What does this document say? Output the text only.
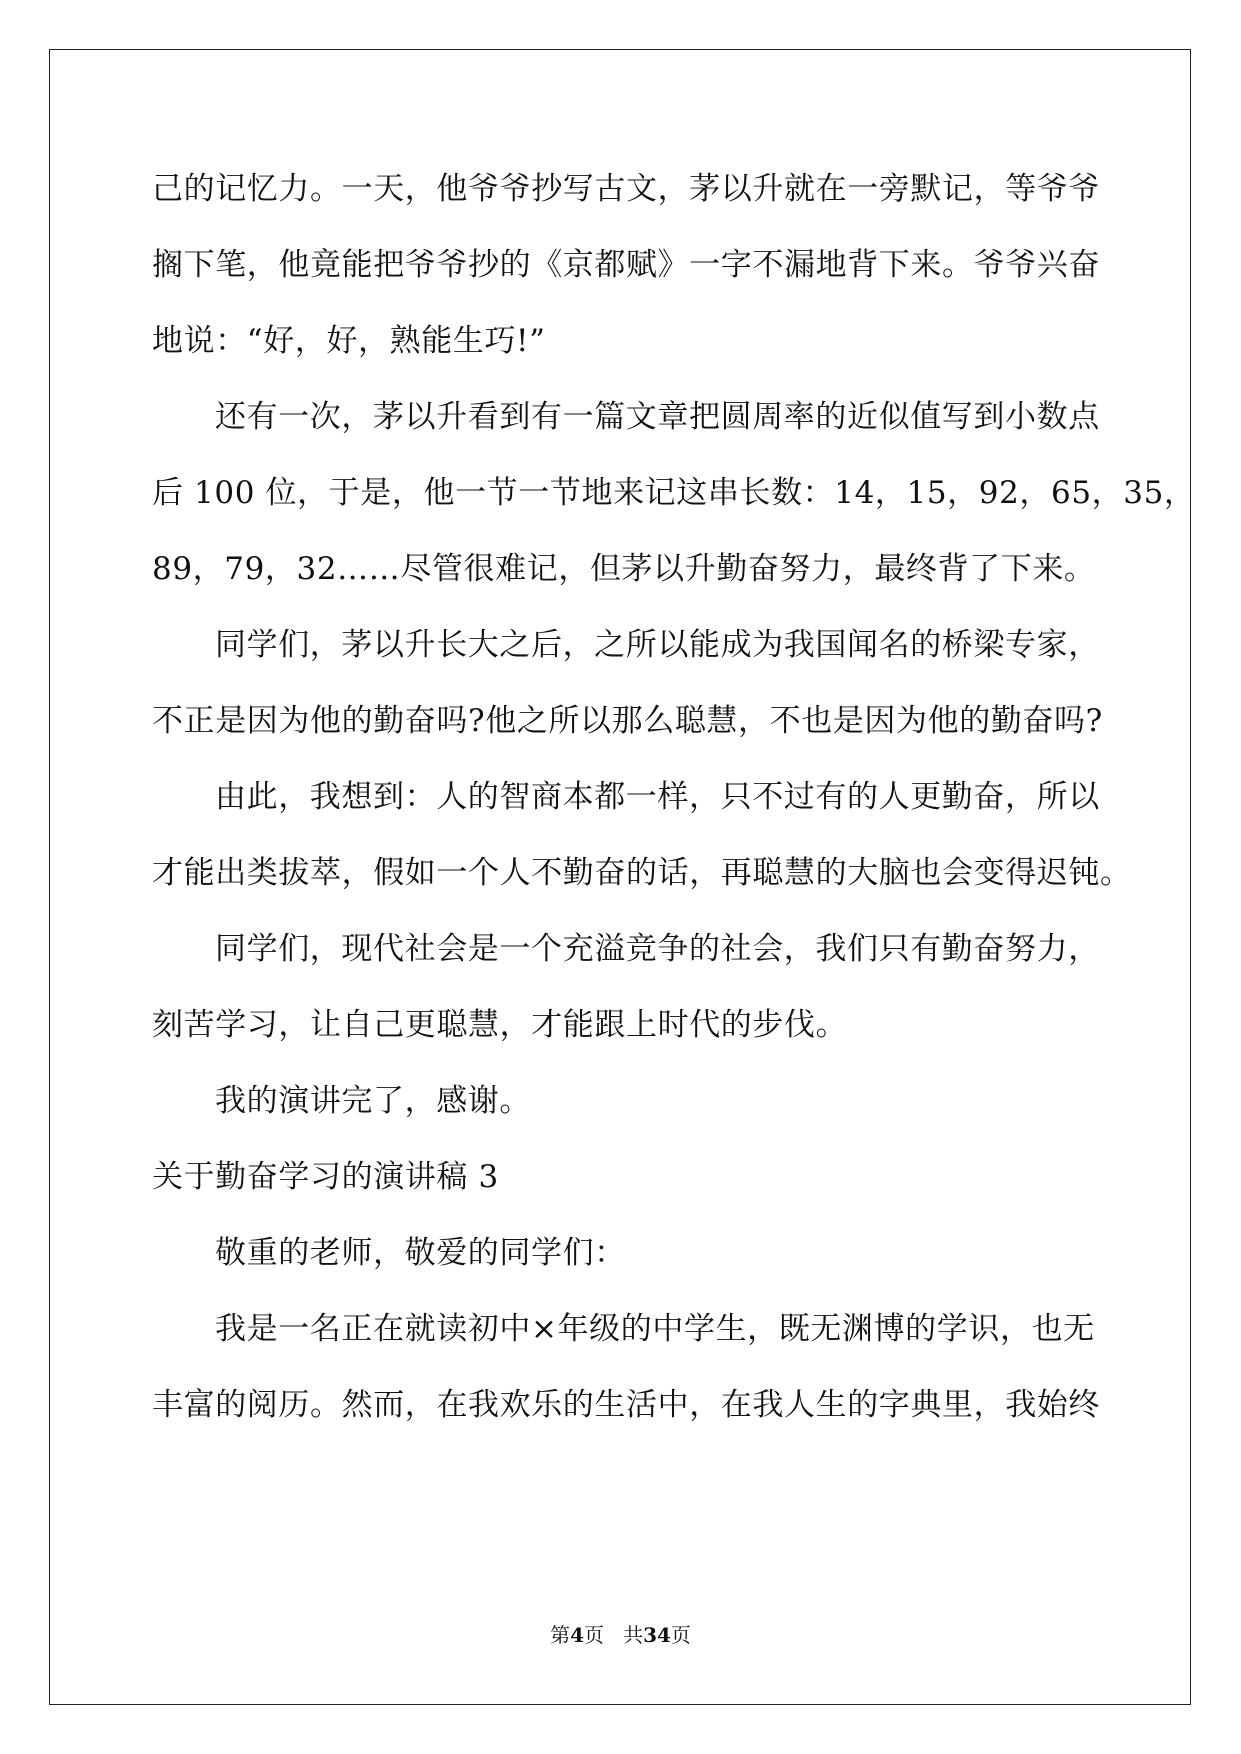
己的记忆力。一天，他爷爷抄写古文，茅以升就在一旁默记，等爷爷
搁下笔，他竟能把爷爷抄的《京都赋》一字不漏地背下来。爷爷兴奋
地说：“好，好，熟能生巧!”
还有一次，茅以升看到有一篇文章把圆周率的近似值写到小数点
后 100 位，于是，他一节一节地来记这串长数：14，15，92，65，35，
89，79，32……尽管很难记，但茅以升勤奋努力，最终背了下来。
同学们，茅以升长大之后，之所以能成为我国闻名的桥梁专家，
不正是因为他的勤奋吗?他之所以那么聪慧，不也是因为他的勤奋吗?
由此，我想到：人的智商本都一样，只不过有的人更勤奋，所以
才能出类拔萃，假如一个人不勤奋的话，再聪慧的大脑也会变得迟钝。
同学们，现代社会是一个充溢竞争的社会，我们只有勤奋努力，
刻苦学习，让自己更聪慧，才能跟上时代的步伐。
我的演讲完了，感谢。
关于勤奋学习的演讲稿 3
敬重的老师，敬爱的同学们：
我是一名正在就读初中×年级的中学生，既无渊博的学识，也无
丰富的阅历。然而，在我欢乐的生活中，在我人生的字典里，我始终
第4页 共34页
